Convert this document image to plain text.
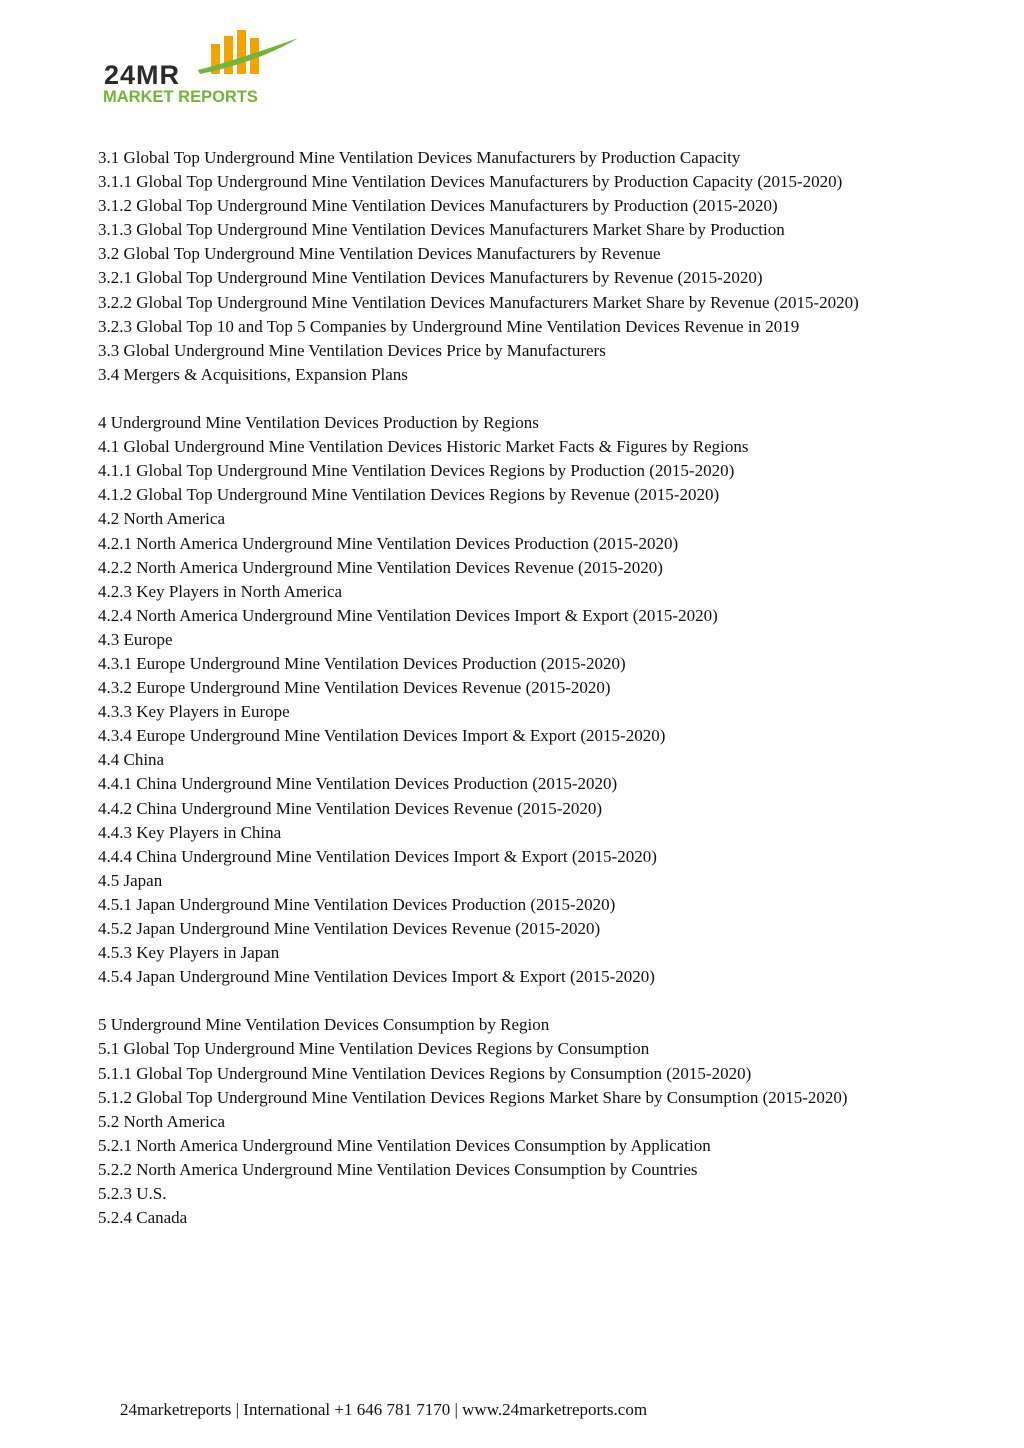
24MR
MARKET REPORTS

3.1 Global Top Underground Mine Ventilation Devices Manufacturers by Production Capacity

3.1.1 Global Top Underground Mine Ventilation Devices Manufacturers by Production Capacity (2015-2020)

3.1.2 Global Top Underground Mine Ventilation Devices Manufacturers by Production (2015-2020)

3.1.3 Global Top Underground Mine Ventilation Devices Manufacturers Market Share by Production

3.2 Global Top Underground Mine Ventilation Devices Manufacturers by Revenue

3.2.1 Global Top Underground Mine Ventilation Devices Manufacturers by Revenue (2015-2020)

3.2.2 Global Top Underground Mine Ventilation Devices Manufacturers Market Share by Revenue (2015-2020)

3.2.3 Global Top 10 and Top 5 Companies by Underground Mine Ventilation Devices Revenue in 2019

3.3 Global Underground Mine Ventilation Devices Price by Manufacturers

3.4 Mergers & Acquisitions, Expansion Plans

4 Underground Mine Ventilation Devices Production by Regions

4.1 Global Underground Mine Ventilation Devices Historic Market Facts & Figures by Regions

4.1.1 Global Top Underground Mine Ventilation Devices Regions by Production (2015-2020)

4.1.2 Global Top Underground Mine Ventilation Devices Regions by Revenue (2015-2020)

4.2 North America

4.2.1 North America Underground Mine Ventilation Devices Production (2015-2020)

4.2.2 North America Underground Mine Ventilation Devices Revenue (2015-2020)

4.2.3 Key Players in North America

4.2.4 North America Underground Mine Ventilation Devices Import & Export (2015-2020)

4.3 Europe

4.3.1 Europe Underground Mine Ventilation Devices Production (2015-2020)

4.3.2 Europe Underground Mine Ventilation Devices Revenue (2015-2020)

4.3.3 Key Players in Europe

4.3.4 Europe Underground Mine Ventilation Devices Import & Export (2015-2020)

4.4 China

4.4.1 China Underground Mine Ventilation Devices Production (2015-2020)

4.4.2 China Underground Mine Ventilation Devices Revenue (2015-2020)

4.4.3 Key Players in China

4.4.4 China Underground Mine Ventilation Devices Import & Export (2015-2020)

4.5 Japan

4.5.1 Japan Underground Mine Ventilation Devices Production (2015-2020)

4.5.2 Japan Underground Mine Ventilation Devices Revenue (2015-2020)

4.5.3 Key Players in Japan

4.5.4 Japan Underground Mine Ventilation Devices Import & Export (2015-2020)

5 Underground Mine Ventilation Devices Consumption by Region

5.1 Global Top Underground Mine Ventilation Devices Regions by Consumption

5.1.1 Global Top Underground Mine Ventilation Devices Regions by Consumption (2015-2020)

5.1.2 Global Top Underground Mine Ventilation Devices Regions Market Share by Consumption (2015-2020)

5.2 North America

5.2.1 North America Underground Mine Ventilation Devices Consumption by Application

5.2.2 North America Underground Mine Ventilation Devices Consumption by Countries

5.2.3 U.S.

5.2.4 Canada

24marketreports | International +1 646 781 7170 | www.24marketreports.com
